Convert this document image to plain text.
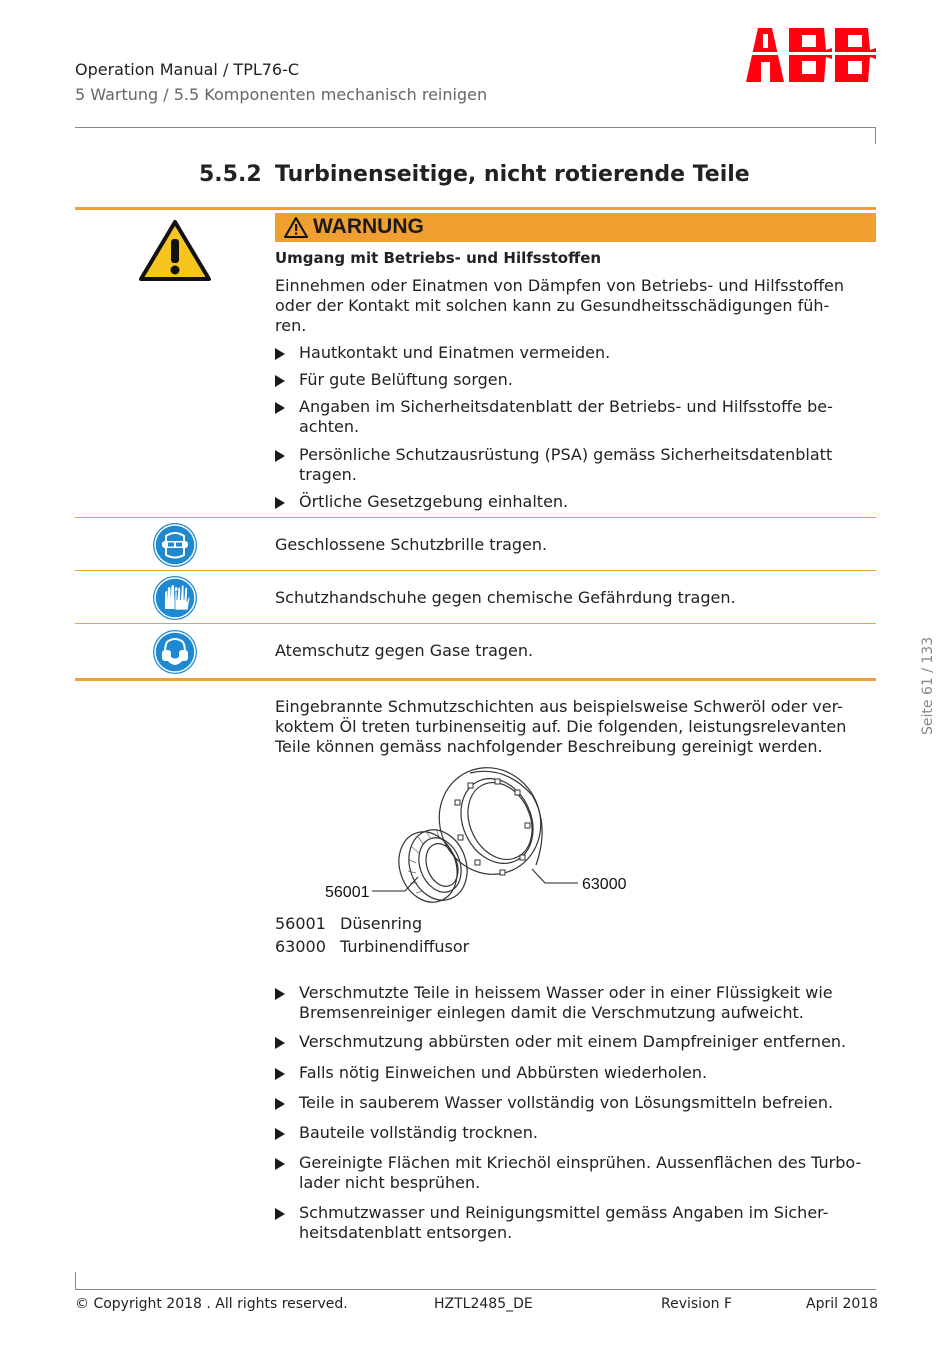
Operation Manual / TPL76-C
5 Wartung / 5.5 Komponenten mechanisch reinigen
5.5.2 Turbinenseitige, nicht rotierende Teile
WARNUNG
Umgang mit Betriebs- und Hilfsstoffen
Einnehmen oder Einatmen von Dämpfen von Betriebs- und Hilfsstoffen
oder der Kontakt mit solchen kann zu Gesundheitsschädigungen füh-
ren.
Hautkontakt und Einatmen vermeiden.
Für gute Belüftung sorgen.
Angaben im Sicherheitsdatenblatt der Betriebs- und Hilfsstoffe be-
achten.
Persönliche Schutzausrüstung (PSA) gemäss Sicherheitsdatenblatt
tragen.
Örtliche Gesetzgebung einhalten.
Geschlossene Schutzbrille tragen.
Schutzhandschuhe gegen chemische Gefährdung tragen.
Atemschutz gegen Gase tragen.
Eingebrannte Schmutzschichten aus beispielsweise Schweröl oder ver-
koktem Öl treten turbinenseitig auf. Die folgenden, leistungsrelevanten
Teile können gemäss nachfolgender Beschreibung gereinigt werden.
56001	63000
56001 Düsenring
63000 Turbinendiffusor
Verschmutzte Teile in heissem Wasser oder in einer Flüssigkeit wie
Bremsenreiniger einlegen damit die Verschmutzung aufweicht.
Verschmutzung abbürsten oder mit einem Dampfreiniger entfernen.
Falls nötig Einweichen und Abbürsten wiederholen.
Teile in sauberem Wasser vollständig von Lösungsmitteln befreien.
Bauteile vollständig trocknen.
Gereinigte Flächen mit Kriechöl einsprühen. Aussenflächen des Turbo-
lader nicht besprühen.
Schmutzwasser und Reinigungsmittel gemäss Angaben im Sicher-
heitsdatenblatt entsorgen.
Seite 61 / 133
© Copyright 2018 . All rights reserved.	HZTL2485_DE	Revision F	April 2018
